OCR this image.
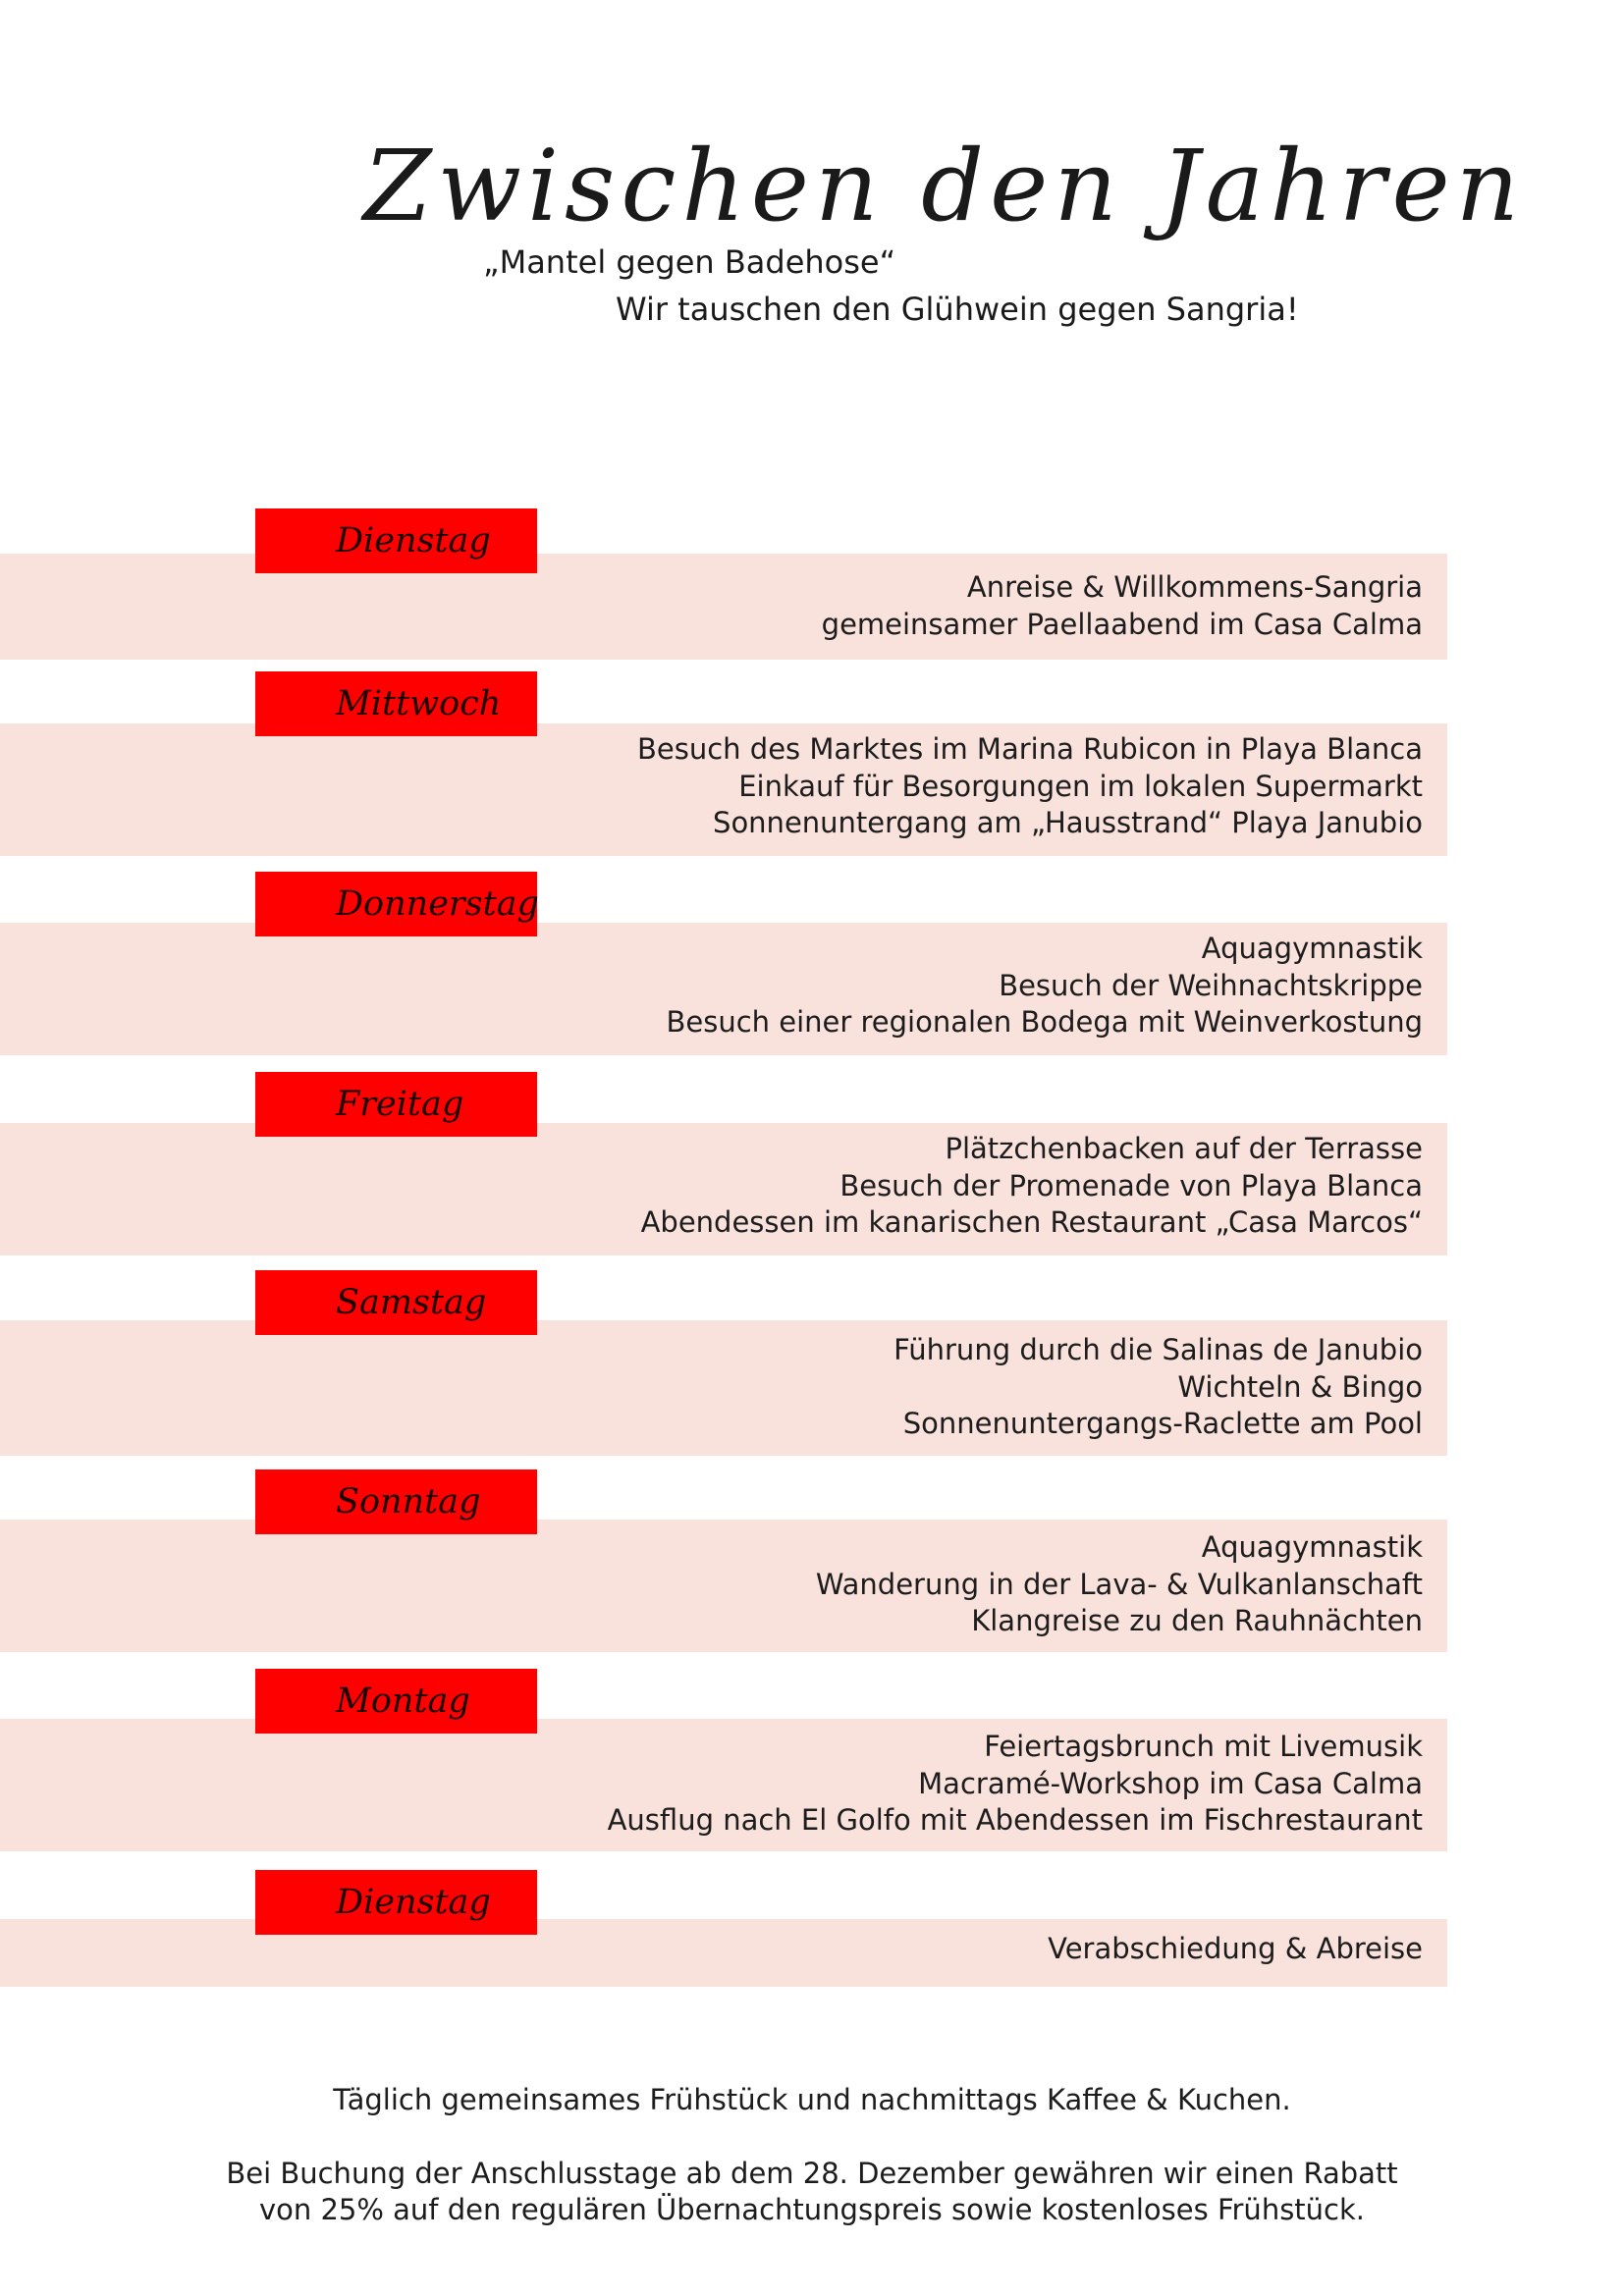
Zwischen den Jahren
„Mantel gegen Badehose“
Wir tauschen den Glühwein gegen Sangria!
Anreise & Willkommens-Sangria
gemeinsamer Paellaabend im Casa Calma
Dienstag
Besuch des Marktes im Marina Rubicon in Playa Blanca
Einkauf für Besorgungen im lokalen Supermarkt
Sonnenuntergang am „Hausstrand“ Playa Janubio
Mittwoch
Aquagymnastik
Besuch der Weihnachtskrippe
Besuch einer regionalen Bodega mit Weinverkostung
Donnerstag
Plätzchenbacken auf der Terrasse
Besuch der Promenade von Playa Blanca
Abendessen im kanarischen Restaurant „Casa Marcos“
Freitag
Führung durch die Salinas de Janubio
Wichteln & Bingo
Sonnenuntergangs-Raclette am Pool
Samstag
Aquagymnastik
Wanderung in der Lava- & Vulkanlanschaft
Klangreise zu den Rauhnächten
Sonntag
Feiertagsbrunch mit Livemusik
Macramé-Workshop im Casa Calma
Ausflug nach El Golfo mit Abendessen im Fischrestaurant
Montag
Verabschiedung & Abreise
Dienstag
Täglich gemeinsames Frühstück und nachmittags Kaffee & Kuchen.
Bei Buchung der Anschlusstage ab dem 28. Dezember gewähren wir einen Rabatt
von 25% auf den regulären Übernachtungspreis sowie kostenloses Frühstück.
